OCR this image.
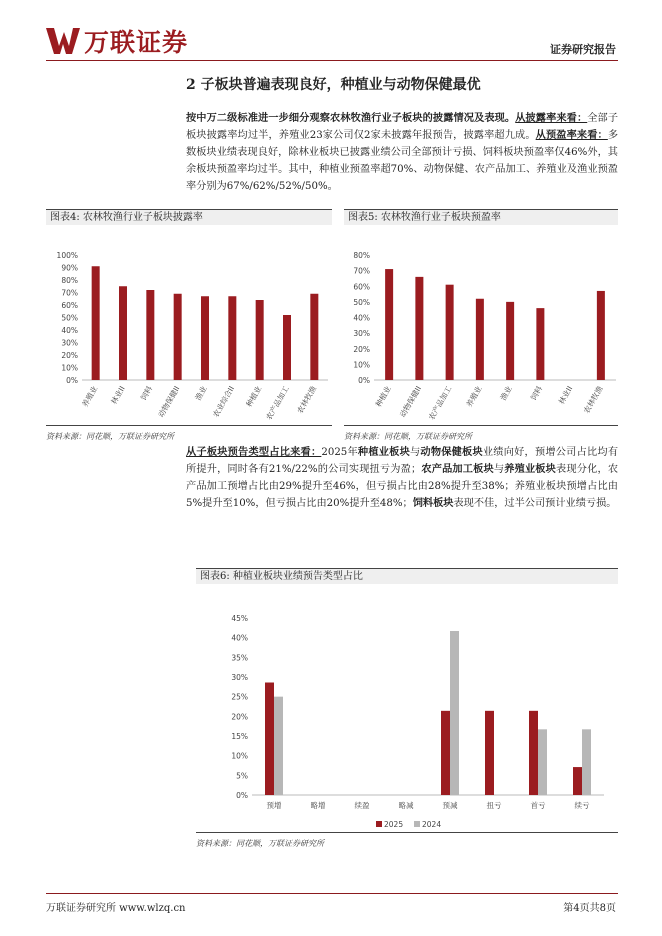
万联证券	证券研究报告
2 子板块普遍表现良好，种植业与动物保健最优
按中万二级标准进一步细分观察农林牧渔行业子板块的披露情况及表现。从披露率来看：全部子板块披露率均过半，养殖业23家公司仅2家未披露年报预告，披露率超九成。从预盈率来看：多数板块业绩表现良好，除林业板块已披露业绩公司全部预计亏损、饲料板块预盈率仅46%外，其余板块预盈率均过半。其中，种植业预盈率超70%、动物保健、农产品加工、养殖业及渔业预盈率分别为67%/62%/52%/50%。
图表4: 农林牧渔行业子板块披露率
0%
10%
20%
30%
40%
50%
60%
70%
80%
90%
100%
养殖业 林业II 饲料 动物保健II 渔业 农业综合II 种植业 农产品加工 农林牧渔
资料来源：同花顺，万联证券研究所
图表5: 农林牧渔行业子板块预盈率
0%
10%
20%
30%
40%
50%
60%
70%
80%
种植业 动物保健II 农产品加工 养殖业 渔业 饲料 林业II 农林牧渔
资料来源：同花顺，万联证券研究所
从子板块预告类型占比来看：2025年种植业板块与动物保健板块业绩向好，预增公司占比均有所提升，同时各有21%/22%的公司实现扭亏为盈；农产品加工板块与养殖业板块表现分化，农产品加工预增占比由29%提升至46%，但亏损占比由28%提升至38%；养殖业板块预增占比由5%提升至10%，但亏损占比由20%提升至48%；饲料板块表现不佳，过半公司预计业绩亏损。
图表6: 种植业板块业绩预告类型占比
0%
5%
10%
15%
20%
25%
30%
35%
40%
45%
预增	略增	续盈	略减	预减	扭亏	首亏	续亏
2025	2024
资料来源：同花顺，万联证券研究所
万联证券研究所 www.wlzq.cn	第4页共8页
